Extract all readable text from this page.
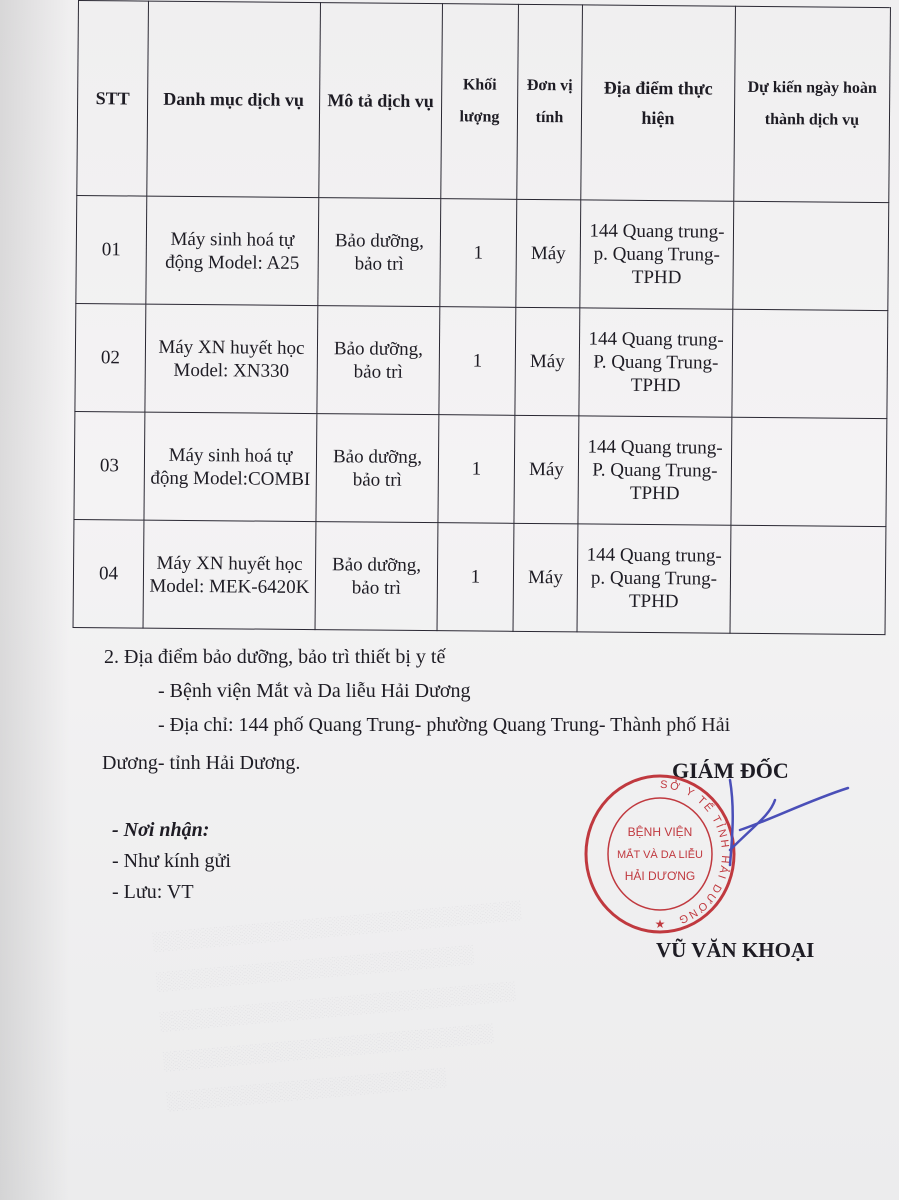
░░░░░░░░░░░░░░░░░░░░░░░░░░░░░
░░░░░░░░░░░░░░░░░░░░░░░░░
░░░░░░░░░░░░░░░░░░░░░░░░░░░░
░░░░░░░░░░░░░░░░░░░░░░░░░░
░░░░░░░░░░░░░░░░░░░░░░
STT	Danh mục dịch vụ	Mô tả dịch vụ	Khối lượng	Đơn vị tính	Địa điểm thực hiện	Dự kiến ngày hoàn thành dịch vụ
01	Máy sinh hoá tự động Model: A25	Bảo dưỡng, bảo trì	1	Máy	144 Quang trung- p. Quang Trung- TPHD	
02	Máy XN huyết học Model: XN330	Bảo dưỡng, bảo trì	1	Máy	144 Quang trung- P. Quang Trung- TPHD	
03	Máy sinh hoá tự động Model:COMBI	Bảo dưỡng, bảo trì	1	Máy	144 Quang trung- P. Quang Trung- TPHD	
04	Máy XN huyết học Model: MEK-6420K	Bảo dưỡng, bảo trì	1	Máy	144 Quang trung- p. Quang Trung- TPHD	
2. Địa điểm bảo dưỡng, bảo trì thiết bị y tế
- Bệnh viện Mắt và Da liễu Hải Dương
- Địa chỉ: 144 phố Quang Trung- phường Quang Trung- Thành phố Hải
Dương- tỉnh Hải Dương.
- Nơi nhận:
- Như kính gửi
- Lưu: VT
GIÁM ĐỐC
SỞ Y TẾ TỈNH HẢI DƯƠNG
BỆNH VIỆN
MẮT VÀ DA LIỄU
HẢI DƯƠNG
★
VŨ VĂN KHOẠI
